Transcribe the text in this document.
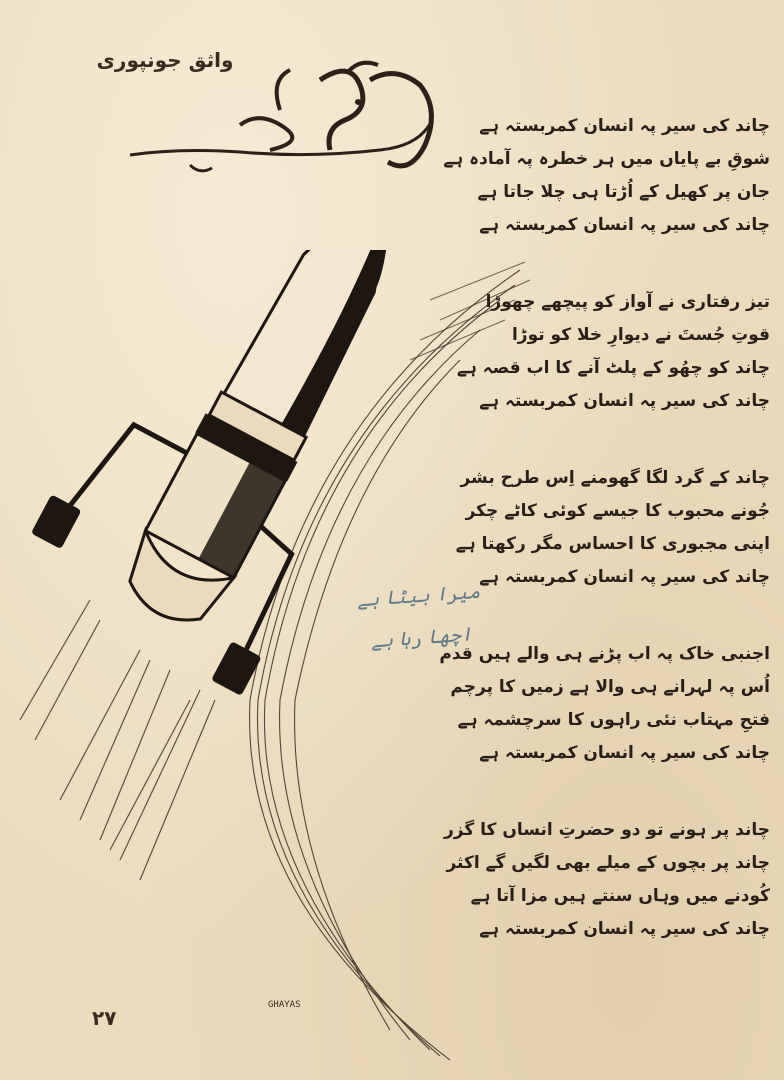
واثق جونپوری
میرا بیٹا ہے
اچھا رہا ہے
GHAYAS
۲۷
چاند کی سیر پہ انسان کمربستہ ہے
شوقِ بے پایاں میں ہر خطرہ پہ آمادہ ہے
جان پر کھیل کے اُڑتا ہی چلا جاتا ہے
چاند کی سیر پہ انسان کمربستہ ہے
تیز رفتاری نے آواز کو پیچھے چھوڑا
قوتِ جُستَ نے دیوارِ خلا کو توڑا
چاند کو چھُو کے پلٹ آنے کا اب قصہ ہے
چاند کی سیر پہ انسان کمربستہ ہے
چاند کے گرد لگا گھومنے اِس طرح بشر
جُونے محبوب کا جیسے کوئی کاٹے چکر
اپنی مجبوری کا احساس مگر رکھتا ہے
چاند کی سیر پہ انسان کمربستہ ہے
اجنبی خاک پہ اب پڑنے ہی والے ہیں قدم
اُس پہ لہرانے ہی والا ہے زمیں کا پرچم
فتحِ مہتاب نئی راہوں کا سرچشمہ ہے
چاند کی سیر پہ انسان کمربستہ ہے
چاند پر ہونے تو دو حضرتِ انساں کا گزر
چاند پر بچوں کے میلے بھی لگیں گے اکثر
کُودنے میں وہاں سنتے ہیں مزا آتا ہے
چاند کی سیر پہ انسان کمربستہ ہے
